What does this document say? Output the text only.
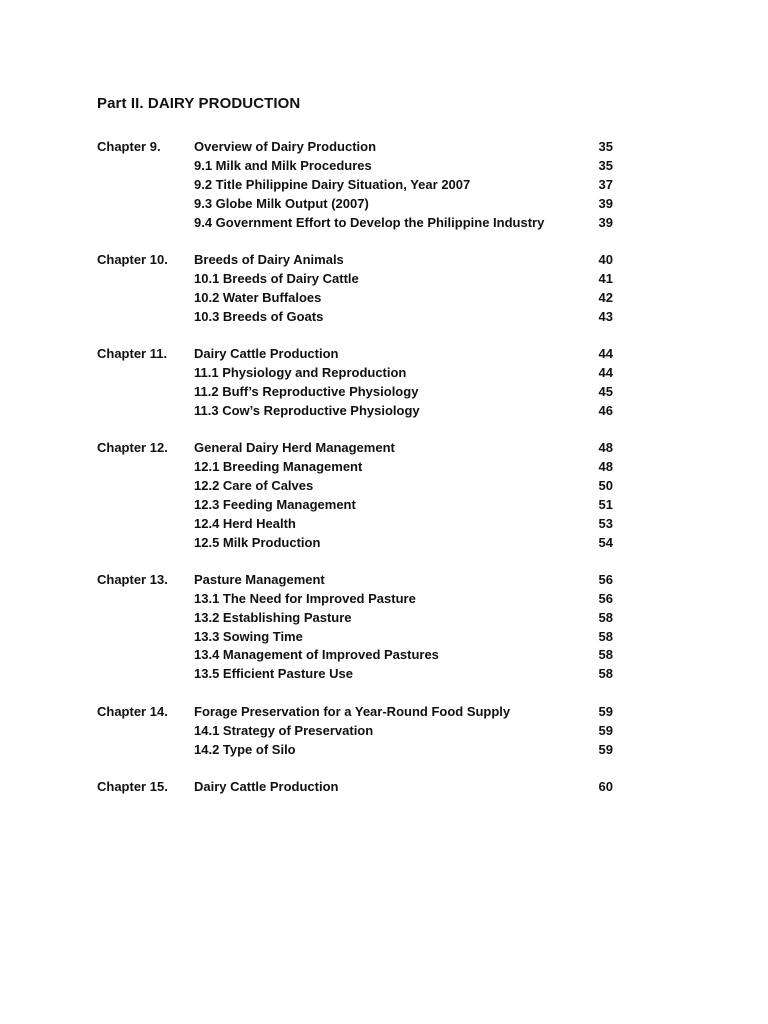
Part II. DAIRY PRODUCTION
Chapter 9.	Overview of Dairy Production	35
9.1 Milk and Milk Procedures	35
9.2 Title Philippine Dairy Situation, Year 2007	37
9.3 Globe Milk Output (2007)	39
9.4 Government Effort to Develop the Philippine Industry	39
Chapter 10. Breeds of Dairy Animals	40
10.1 Breeds of Dairy Cattle	41
10.2 Water Buffaloes	42
10.3 Breeds of Goats	43
Chapter 11. Dairy Cattle Production	44
11.1 Physiology and Reproduction	44
11.2 Buff’s Reproductive Physiology	45
11.3 Cow’s Reproductive Physiology	46
Chapter 12. General Dairy Herd Management	48
12.1 Breeding Management	48
12.2 Care of Calves	50
12.3 Feeding Management	51
12.4 Herd Health	53
12.5 Milk Production	54
Chapter 13. Pasture Management	56
13.1 The Need for Improved Pasture	56
13.2 Establishing Pasture	58
13.3 Sowing Time	58
13.4 Management of Improved Pastures	58
13.5 Efficient Pasture Use	58
Chapter 14. Forage Preservation for a Year-Round Food Supply	59
14.1 Strategy of Preservation	59
14.2 Type of Silo	59
Chapter 15. Dairy Cattle Production	60
